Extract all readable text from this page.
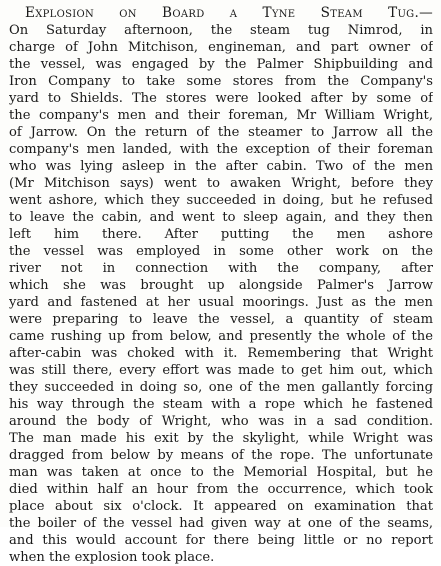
Explosion on Board a Tyne Steam Tug.—
On Saturday afternoon, the steam tug Nimrod, in
charge of John Mitchison, engineman, and part owner of
the vessel, was engaged by the Palmer Shipbuilding and
Iron Company to take some stores from the Company's
yard to Shields. The stores were looked after by some of
the company's men and their foreman, Mr William Wright,
of Jarrow. On the return of the steamer to Jarrow all the
company's men landed, with the exception of their foreman
who was lying asleep in the after cabin. Two of the men
(Mr Mitchison says) went to awaken Wright, before they
went ashore, which they succeeded in doing, but he refused
to leave the cabin, and went to sleep again, and they then
left him there. After putting the men ashore
the vessel was employed in some other work on the
river not in connection with the company, after
which she was brought up alongside Palmer's Jarrow
yard and fastened at her usual moorings. Just as the men
were preparing to leave the vessel, a quantity of steam
came rushing up from below, and presently the whole of the
after-cabin was choked with it. Remembering that Wright
was still there, every effort was made to get him out, which
they succeeded in doing so, one of the men gallantly forcing
his way through the steam with a rope which he fastened
around the body of Wright, who was in a sad condition.
The man made his exit by the skylight, while Wright was
dragged from below by means of the rope. The unfortunate
man was taken at once to the Memorial Hospital, but he
died within half an hour from the occurrence, which took
place about six o'clock. It appeared on examination that
the boiler of the vessel had given way at one of the seams,
and this would account for there being little or no report
when the explosion took place.
